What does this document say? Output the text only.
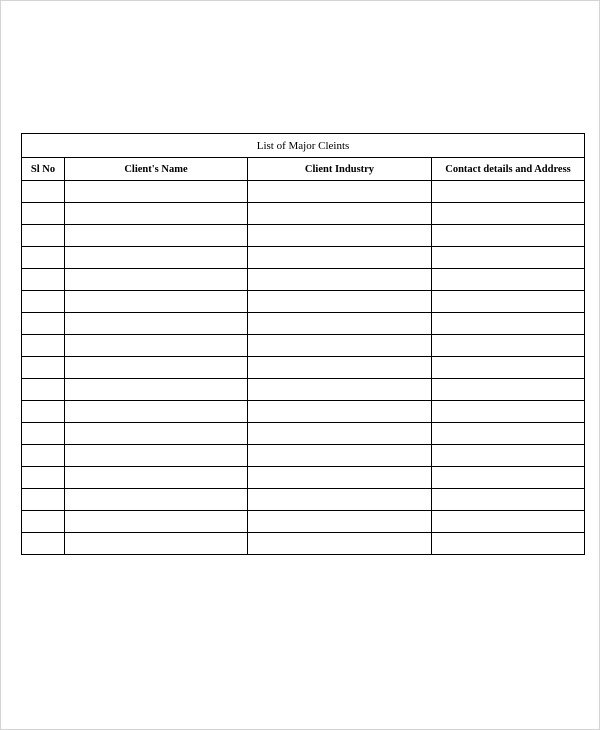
List of Major Cleints			
Sl No	Client's Name	Client Industry	Contact details and Address
